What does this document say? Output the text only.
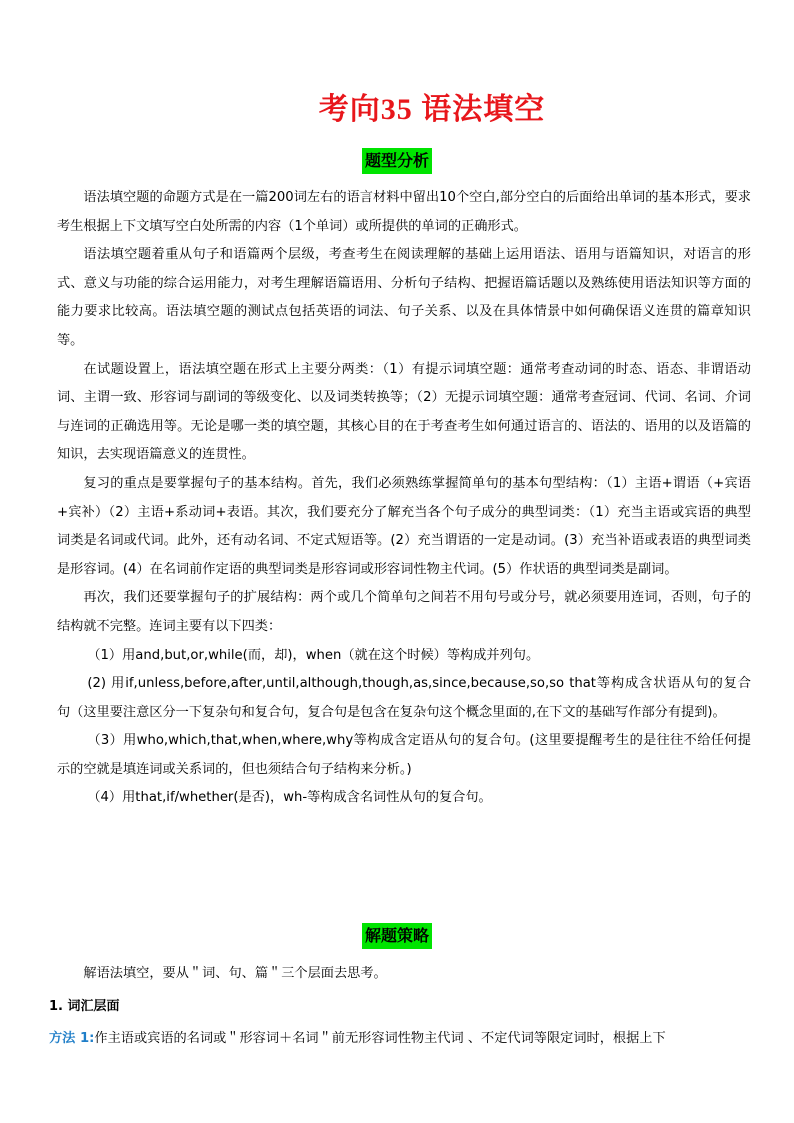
考向35 语法填空
题型分析

语法填空题的命题方式是在一篇200词左右的语言材料中留出10个空白,部分空白的后面给出单词的基本形式，要求考生根据上下文填写空白处所需的内容（1个单词）或所提供的单词的正确形式。

语法填空题着重从句子和语篇两个层级，考查考生在阅读理解的基础上运用语法、语用与语篇知识，对语言的形式、意义与功能的综合运用能力，对考生理解语篇语用、分析句子结构、把握语篇话题以及熟练使用语法知识等方面的能力要求比较高。语法填空题的测试点包括英语的词法、句子关系、以及在具体情景中如何确保语义连贯的篇章知识等。

在试题设置上，语法填空题在形式上主要分两类：（1）有提示词填空题：通常考查动词的时态、语态、非谓语动词、主谓一致、形容词与副词的等级变化、以及词类转换等；（2）无提示词填空题：通常考查冠词、代词、名词、介词与连词的正确选用等。无论是哪一类的填空题，其核心目的在于考查考生如何通过语言的、语法的、语用的以及语篇的知识，去实现语篇意义的连贯性。

复习的重点是要掌握句子的基本结构。首先，我们必须熟练掌握简单句的基本句型结构：（1）主语+谓语（+宾语+宾补）（2）主语+系动词+表语。其次，我们要充分了解充当各个句子成分的典型词类：（1）充当主语或宾语的典型词类是名词或代词。此外，还有动名词、不定式短语等。(2）充当谓语的一定是动词。(3）充当补语或表语的典型词类是形容词。(4）在名词前作定语的典型词类是形容词或形容词性物主代词。(5）作状语的典型词类是副词。

再次，我们还要掌握句子的扩展结构：两个或几个简单句之间若不用句号或分号，就必须要用连词，否则，句子的结构就不完整。连词主要有以下四类：

（1）用and,but,or,while(而，却)，when（就在这个时候）等构成并列句。

(2) 用if,unless,before,after,until,although,though,as,since,because,so,so that等构成含状语从句的复合句（这里要注意区分一下复杂句和复合句，复合句是包含在复杂句这个概念里面的,在下文的基础写作部分有提到)。

（3）用who,which,that,when,where,why等构成含定语从句的复合句。(这里要提醒考生的是往往不给任何提示的空就是填连词或关系词的，但也须结合句子结构来分析。)

（4）用that,if/whether(是否)，wh-等构成含名词性从句的复合句。

解题策略
解语法填空，要从＂词、句、篇＂三个层面去思考。
1. 词汇层面
方法 1:作主语或宾语的名词或＂形容词＋名词＂前无形容词性物主代词 、不定代词等限定词时，根据上下
